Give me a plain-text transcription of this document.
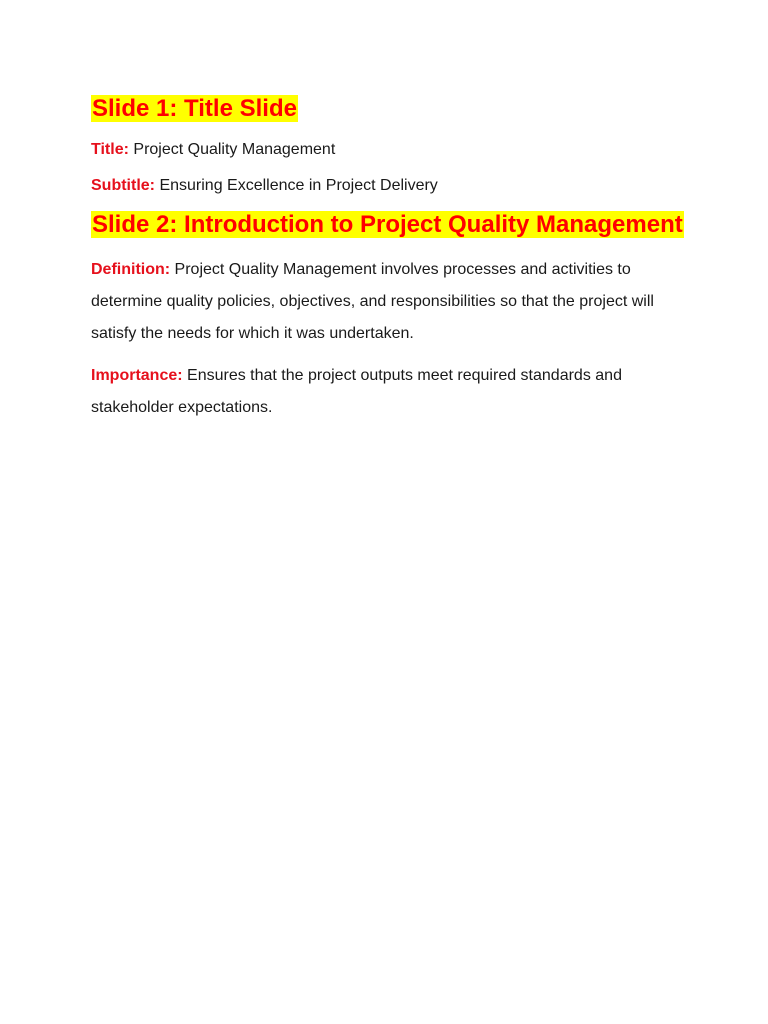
Slide 1: Title Slide

Title: Project Quality Management

Subtitle: Ensuring Excellence in Project Delivery

Slide 2: Introduction to Project Quality Management

Definition: Project Quality Management involves processes and activities to determine quality policies, objectives, and responsibilities so that the project will satisfy the needs for which it was undertaken.

Importance: Ensures that the project outputs meet required standards and stakeholder expectations.
